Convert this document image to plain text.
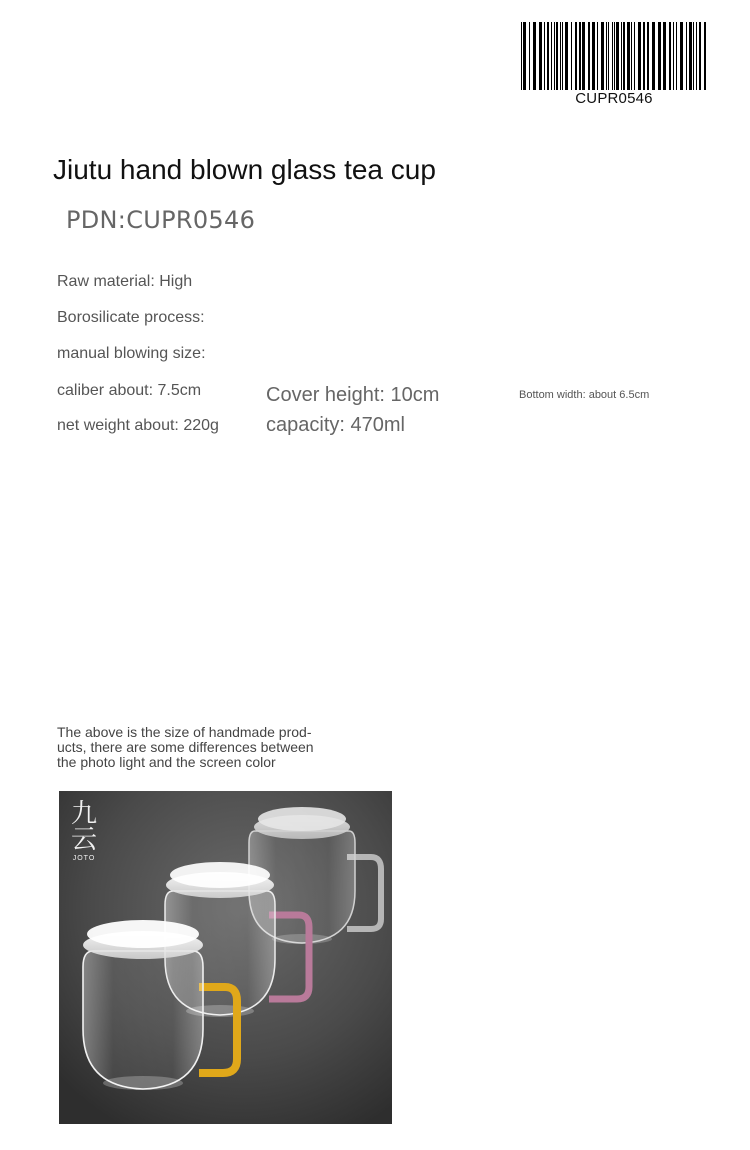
CUPR0546
Jiutu hand blown glass tea cup
PDN:CUPR0546
Raw material: High
Borosilicate process:
manual blowing size:
caliber about: 7.5cm
net weight about: 220g
Cover height: 10cm
capacity: 470ml
Bottom width: about 6.5cm
The above is the size of handmade prod-
ucts, there are some differences between
the photo light and the screen color
九云
JOTO
